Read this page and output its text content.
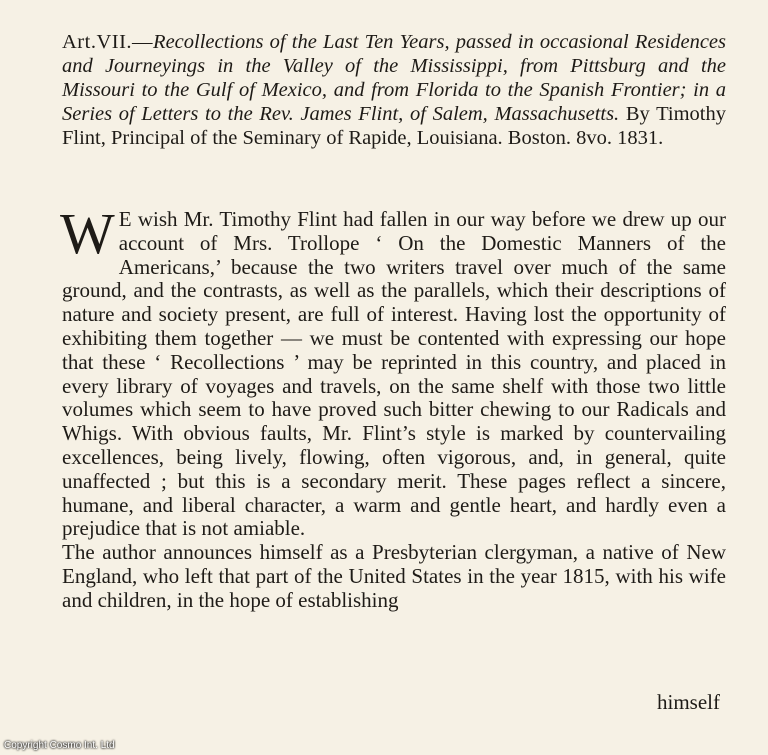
Art.VII.—Recollections of the Last Ten Years, passed in occasional Residences and Journeyings in the Valley of the Mississippi, from Pittsburg and the Missouri to the Gulf of Mexico, and from Florida to the Spanish Frontier; in a Series of Letters to the Rev. James Flint, of Salem, Massachusetts. By Timothy Flint, Principal of the Seminary of Rapide, Louisiana. Boston. 8vo. 1831.

W E wish Mr. Timothy Flint had fallen in our way before we drew up our account of Mrs. Trollope ‘ On the Domestic Manners of the Americans,’ because the two writers travel over much of the same ground, and the contrasts, as well as the parallels, which their descriptions of nature and society present, are full of interest. Having lost the opportunity of exhibiting them together — we must be contented with expressing our hope that these ‘ Recollections ’ may be reprinted in this country, and placed in every library of voyages and travels, on the same shelf with those two little volumes which seem to have proved such bitter chewing to our Radicals and Whigs. With obvious faults, Mr. Flint’s style is marked by countervailing excellences, being lively, flowing, often vigorous, and, in general, quite unaffected ; but this is a secondary merit. These pages reflect a sincere, humane, and liberal character, a warm and gentle heart, and hardly even a prejudice that is not amiable.

The author announces himself as a Presbyterian clergyman, a native of New England, who left that part of the United States in the year 1815, with his wife and children, in the hope of establishing

himself
Copyright Cosmo Int. Ltd
